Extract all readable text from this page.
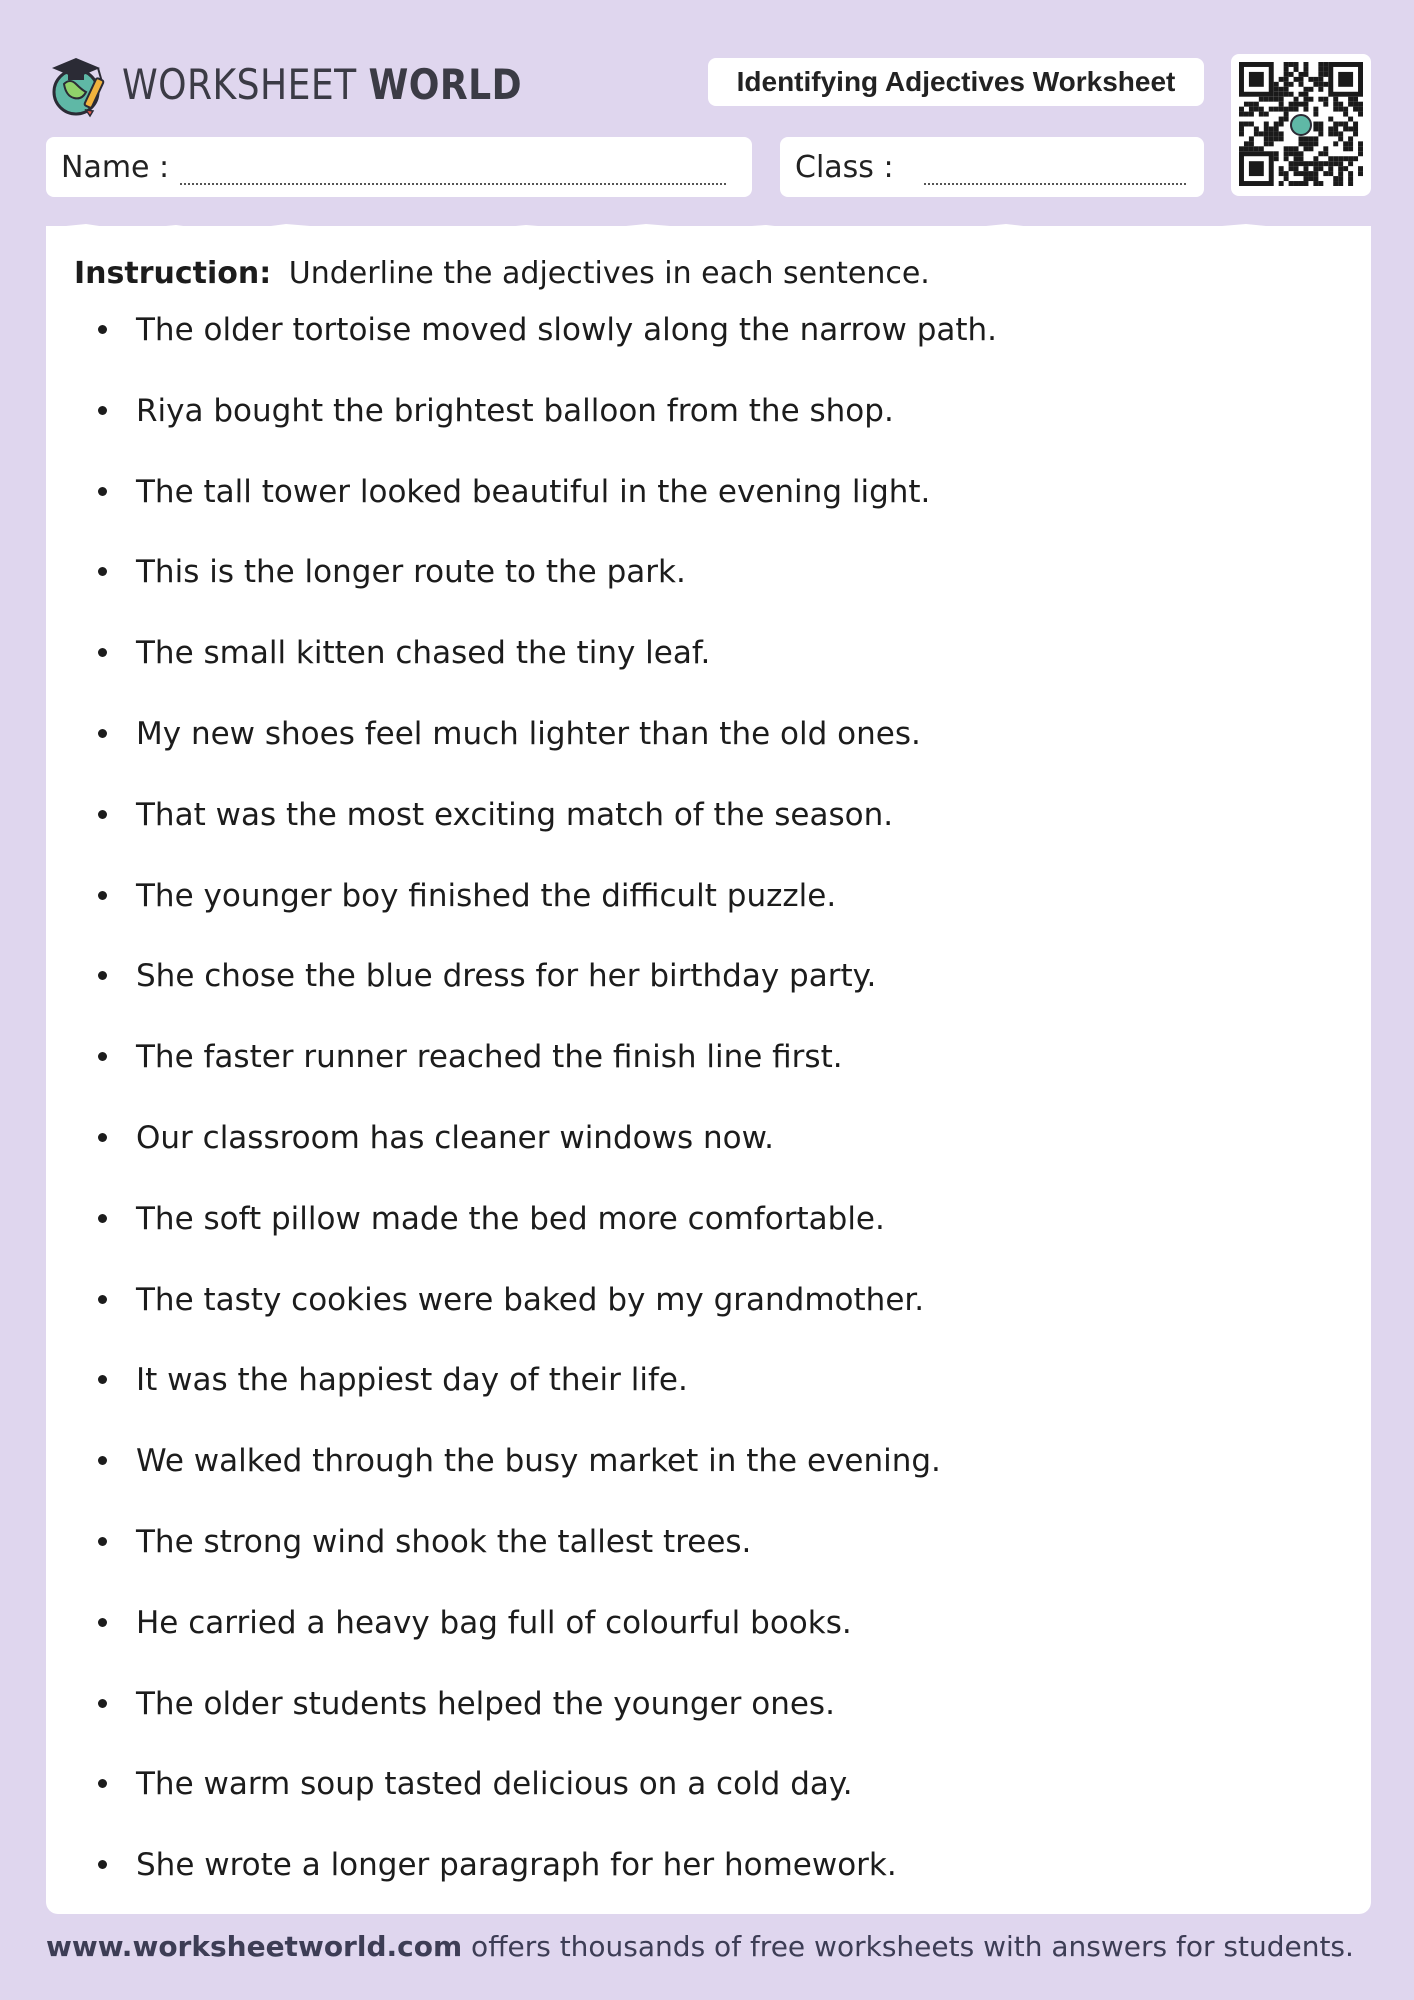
WORKSHEET WORLD	Identifying Adjectives Worksheet
Name :	Class :
Instruction: Underline the adjectives in each sentence.
The older tortoise moved slowly along the narrow path.
Riya bought the brightest balloon from the shop.
The tall tower looked beautiful in the evening light.
This is the longer route to the park.
The small kitten chased the tiny leaf.
My new shoes feel much lighter than the old ones.
That was the most exciting match of the season.
The younger boy finished the difficult puzzle.
She chose the blue dress for her birthday party.
The faster runner reached the finish line first.
Our classroom has cleaner windows now.
The soft pillow made the bed more comfortable.
The tasty cookies were baked by my grandmother.
It was the happiest day of their life.
We walked through the busy market in the evening.
The strong wind shook the tallest trees.
He carried a heavy bag full of colourful books.
The older students helped the younger ones.
The warm soup tasted delicious on a cold day.
She wrote a longer paragraph for her homework.
www.worksheetworld.com offers thousands of free worksheets with answers for students.
